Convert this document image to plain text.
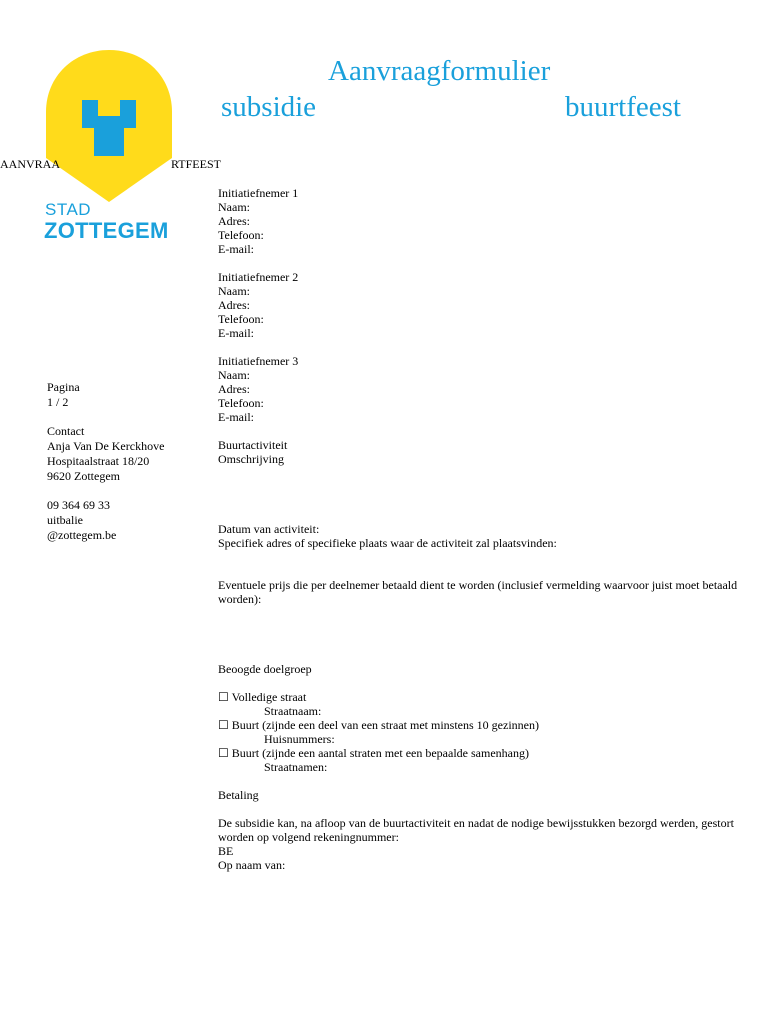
STAD
ZOTTEGEM
Aanvraagformulier
subsidie	buurtfeest
AANVRAA	RTFEEST
Initiatiefnemer 1
Naam:
Adres:
Telefoon:
E-mail:
Initiatiefnemer 2
Naam:
Adres:
Telefoon:
E-mail:
Initiatiefnemer 3
Naam:
Adres:
Telefoon:
E-mail:
Buurtactiviteit
Omschrijving
Datum van activiteit:
Specifiek adres of specifieke plaats waar de activiteit zal plaatsvinden:
Eventuele prijs die per deelnemer betaald dient te worden (inclusief vermelding waarvoor juist moet betaald worden):
Beoogde doelgroep
☐ Volledige straat
Straatnaam:
☐ Buurt (zijnde een deel van een straat met minstens 10 gezinnen)
Huisnummers:
☐ Buurt (zijnde een aantal straten met een bepaalde samenhang)
Straatnamen:
Betaling
De subsidie kan, na afloop van de buurtactiviteit en nadat de nodige bewijsstukken bezorgd werden, gestort worden op volgend rekeningnummer:
BE
Op naam van:
Pagina
1 / 2
Contact
Anja Van De Kerckhove
Hospitaalstraat 18/20
9620 Zottegem
09 364 69 33
uitbalie
@zottegem.be
